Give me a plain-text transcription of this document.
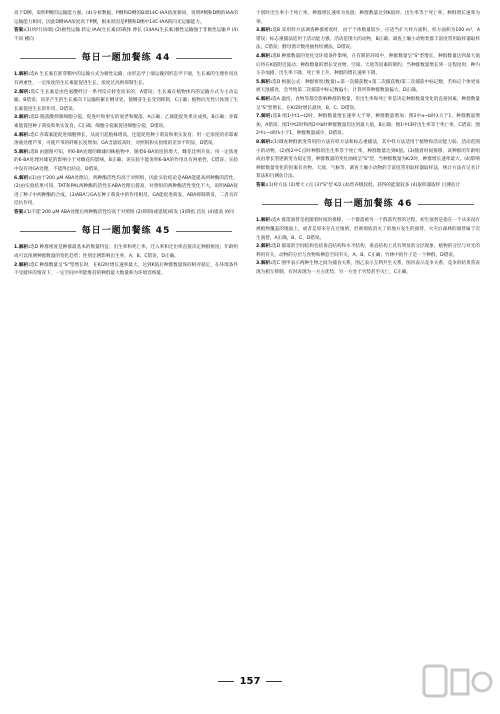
高于D侧，说明P侧的运输能力强。(4)分析数据，P侧和D侧的B端14C-IAA浓度相同，说明P侧和D侧的IAA的运输能力相同，因此D侧IAA浓度高于P侧，根本原因是P侧和D侧中14C-IAA的向光运输能力。

答案:(1)幼叶(顶端) (2)极性运输 转运 IAA(生长素)的载体 伸长 (3)IAA(生长素)极性运输强于非极性运输 P (4)不同 横向

每日一题加餐练 44

1.解析:选A 生长素在胚芽鞘中的运输方式为极性运输，由形态学上端运输到形态学下端，生长素的生理作用具有两重性，一定浓度的生长素能促进生长，浓度过高则抑制生长。

2.解析:选C 生长素是由色氨酸经过一系列反应转变而来的，A错误；生长素在植物体内的运输方式为主动运输，B错误；顶芽产生的生长素向下运输积累在侧芽处，使侧芽生长受到抑制，C正确；植物向光性只体现了生长素促进生长的作用，D错误。

3.解析:选D 脱落酸抑制细胞分裂，促进叶和果实的衰老和脱落，A正确；乙烯能促进果实成熟，B正确；赤霉素能促进种子萌发和果实发育，C正确；细胞分裂素促进细胞分裂，D错误。

4.解析:选C 赤霉素能促进细胞伸长，从而引起植株增高，还能促进种子萌发和果实发育；用一定浓度的赤霉素溶液处理芦苇，可使芦苇的纤维长度增加；GA含量较高时，对照组和实验组的差异不明显，D错误。

5.解析:选B 由题图可知，用6-BA处理的雌雄同株植物中，随着6-BA浓度的增大，雌花比例升高；用一定浓度的6-BA处理对雄花的影响小于对雌花的影响，B正确；该实验不能说明6-BA的作用具有两重性，C错误；实验中没有用GA处理，不能得出结论，D错误。

6.解析:(1)由于200 μM ABA处理后，两种酶活性均高于对照组，因此实验结论是ABA能提高两种酶的活性。(2)由实验结果可知，TAT和PAL两种酶的活性在ABA处理后提高，对照组的两种酶活性变化不大，说明ABA促进了种子中两种酶的合成。(3)ABA与GA在种子萌发中的作用相反，GA能促进萌发，ABA抑制萌发，二者具有拮抗作用。

答案:(1)不能 200 μM ABA处理后两种酶活性均高于对照组 (2)抑制(或延缓)萌发 (3)降低 拮抗 (4)提高 协同

每日一题加餐练 45

1.解析:选D 种群密度是种群最基本的数量特征；出生率和死亡率、迁入率和迁出率直接决定种群密度；年龄组成可以预测种群数量的变化趋势；性别比例影响出生率，A、B、C错误，D正确。

2.解析:选C 种群数量呈"S"型增长时，在K/2时增长速率最大，达到K值后种群数量保持相对稳定，在环境条件不受破坏的情况下，一定空间中所能维持的种群最大数量称为环境容纳量。

个别时出生率小于死亡率，种群增长速率为负值；种群数量达到K值时，出生率等于死亡率，种群增长速率为零。

3.解析:选B 采用样方法调查种群密度时，由于个体数量较少，应适当扩大样方面积，样方面积为100 m²，A错误；标志重捕法适用于活动能力强、活动范围大的动物，B正确；调查土壤小动物类群丰富度常用取样器取样法，C错误；酵母菌计数用抽样检测法，D错误。

4.解析:选B 种群数量的变化受环境条件影响，在有限的环境中，种群数量呈"S"型增长，种群数量达到最大值后将在K值附近波动；种群数量的增长受食物、空间、天敌等因素的制约，当种群数量增长到一定程度时，种内斗争加剧，出生率下降，死亡率上升，种群的增长速率下降。

5.解析:选D 根据公式：种群密度(数量)=第一次捕获数×第二次捕获数/第二次捕获中标记数，若标记个体更易被天敌捕食，会导致第二次捕获中标记数偏小，计算所得种群数量偏大，D正确。

6.解析:选A 温度、食物等都会影响种群的数量，但出生率和死亡率是决定种群数量变化的直接因素，种群数量呈"S"型增长，在K/2时增长最快，B、C、D错误。

7.解析:选B 图1中t1~t2时，种群数量增长速率大于零，种群数量增加；图2中a~b时λ大于1，种群数量增加，A错误；图1中t2时和图2中b时种群数量均达到最大值，B正确；图1中t3时出生率等于死亡率，C错误；图2中c~d时λ小于1，种群数量减少，D错误。

8.解析:(1)调查种群密度常用的方法有样方法和标志重捕法，其中样方法适用于植物和活动能力弱、活动范围小的动物。(2)图2中C点时种群的出生率等于死亡率，种群数量达到K值。(3)随着时间推移，该种群的年龄组成由增长型逐渐变为稳定型，种群数量的变化曲线呈"S"型，当种群数量为K/2时，种群增长速率最大。(4)影响种群数量变化的因素有食物、天敌、气候等，调查土壤小动物的丰富度常用取样器取样法，统计方法有记名计算法和目测估计法。

答案:(1)样方法 (2)增大 c点 (3)"S"型 K/2 (4)营养级较低，获得的能量较多 (4)取样器取样 目测估计

每日一题加餐练 46

1.解析:选A 群落演替是指随着时间的推移，一个群落被另一个群落代替的过程，初生演替是指在一个从来没有被植物覆盖的地面上，或者是原来存在过植被，但被彻底消灭了的地方发生的演替，火灾后森林的演替属于次生演替，A正确，B、C、D错误。

2.解析:选D 群落的空间结构包括垂直结构和水平结构，垂直结构上具有明显的分层现象，植物的分层与对光的利用有关，动物的分层与食物和栖息空间有关，A、B、C正确；竹林中的竹子是一个种群，D错误。

3.解析:选C 图甲表示两种生物之间为捕食关系，图乙表示互利共生关系，图丙表示竞争关系，竞争的结果常表现为相互抑制，有时表现为一方占优势，另一方处于劣势甚至灭亡，C正确。

157
